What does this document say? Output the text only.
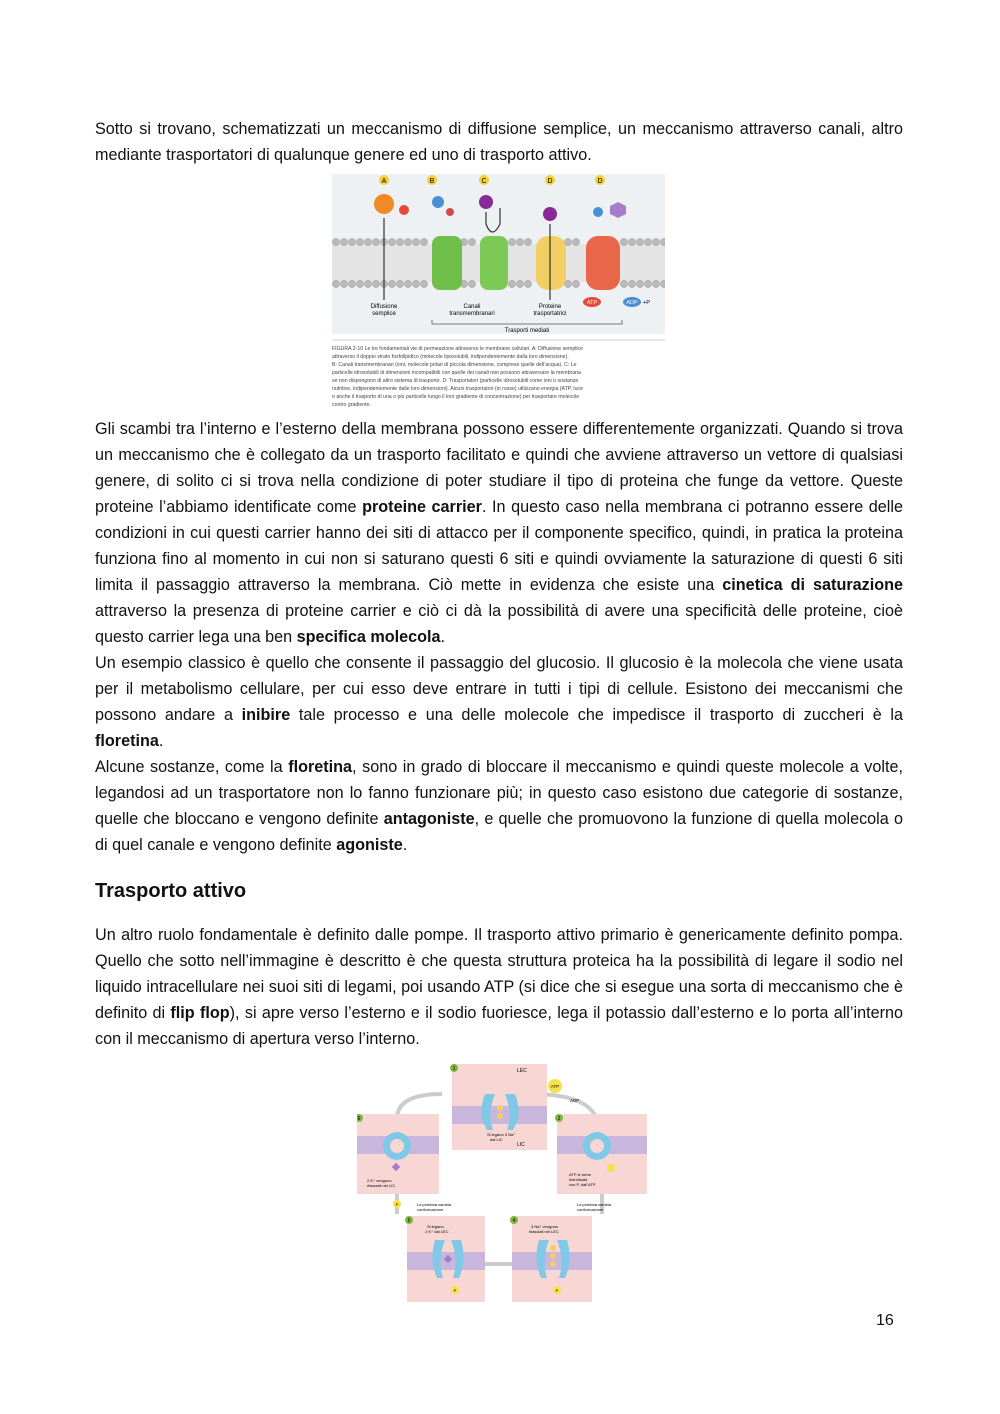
Sotto si trovano, schematizzati un meccanismo di diffusione semplice, un meccanismo attraverso canali, altro mediante trasportatori di qualunque genere ed uno di trasporto attivo.

A	B	C	D	D
Diffusione
semplice
Canali
transmembranari
Proteine
trasportatrici
ATP	ADP +P
Trasporti mediati
FIGURA 2-10 Le tre fondamentali vie di permeazione attraverso le membrane cellulari. A: Diffusione semplice
attraverso il doppio strato fosfolipidico (molecole liposolubili, indipendentemente dalla loro dimensione).
B: Canali transmembranari (ioni, molecole polari di piccola dimensione, comprese quelle dell’acqua). C: Le
particelle idrosolubili di dimensioni incompatibili con quelle dei canali non possono attraversare la membrana
se non dispongono di altro sistema di trasporto. D: Trasportatori (particelle idrosolubili come ioni o sostanze
nutritive, indipendentemente dalle loro dimensioni). Alcuni trasportatori (in rosso) utilizzano energia (ATP, luce
o anche il trasporto di una o più particelle lungo il loro gradiente di concentrazione) per trasportare molecole
contro gradiente.

Gli scambi tra l’interno e l’esterno della membrana possono essere differentemente organizzati. Quando si trova un meccanismo che è collegato da un trasporto facilitato e quindi che avviene attraverso un vettore di qualsiasi genere, di solito ci si trova nella condizione di poter studiare il tipo di proteina che funge da vettore. Queste proteine l’abbiamo identificate come proteine carrier. In questo caso nella membrana ci potranno essere delle condizioni in cui questi carrier hanno dei siti di attacco per il componente specifico, quindi, in pratica la proteina funziona fino al momento in cui non si saturano questi 6 siti e quindi ovviamente la saturazione di questi 6 siti limita il passaggio attraverso la membrana. Ciò mette in evidenza che esiste una cinetica di saturazione attraverso la presenza di proteine carrier e ciò ci dà la possibilità di avere una specificità delle proteine, cioè questo carrier lega una ben specifica molecola.

Un esempio classico è quello che consente il passaggio del glucosio. Il glucosio è la molecola che viene usata per il metabolismo cellulare, per cui esso deve entrare in tutti i tipi di cellule. Esistono dei meccanismi che possono andare a inibire tale processo e una delle molecole che impedisce il trasporto di zuccheri è la floretina.

Alcune sostanze, come la floretina, sono in grado di bloccare il meccanismo e quindi queste molecole a volte, legandosi ad un trasportatore non lo fanno funzionare più; in questo caso esistono due categorie di sostanze, quelle che bloccano e vengono definite antagoniste, e quelle che promuovono la funzione di quella molecola o di quel canale e vengono definite agoniste.

Trasporto attivo

Un altro ruolo fondamentale è definito dalle pompe. Il trasporto attivo primario è genericamente definito pompa. Quello che sotto nell’immagine è descritto è che questa struttura proteica ha la possibilità di legare il sodio nel liquido intracellulare nei suoi siti di legami, poi usando ATP (si dice che si esegue una sorta di meccanismo che è definito di flip flop), si apre verso l’esterno e il sodio fuoriesce, lega il potassio dall’esterno e lo porta all’interno con il meccanismo di apertura verso l’interno.

1	LEC
LIC
Si legano 3 Na⁺
dal LIC
ATP
ADP
6
2 K⁺ vengono
rilasciati nel LIC
2
ATP si viene
hidrolisata
con P, dall’ATP
P	La proteina cambia
conformazione
La proteina cambia
conformazione
5
Si legano
2 K⁺ dal LEC
P
4
3 Na⁺ vengono
rilasciati nel LEC
P
16
